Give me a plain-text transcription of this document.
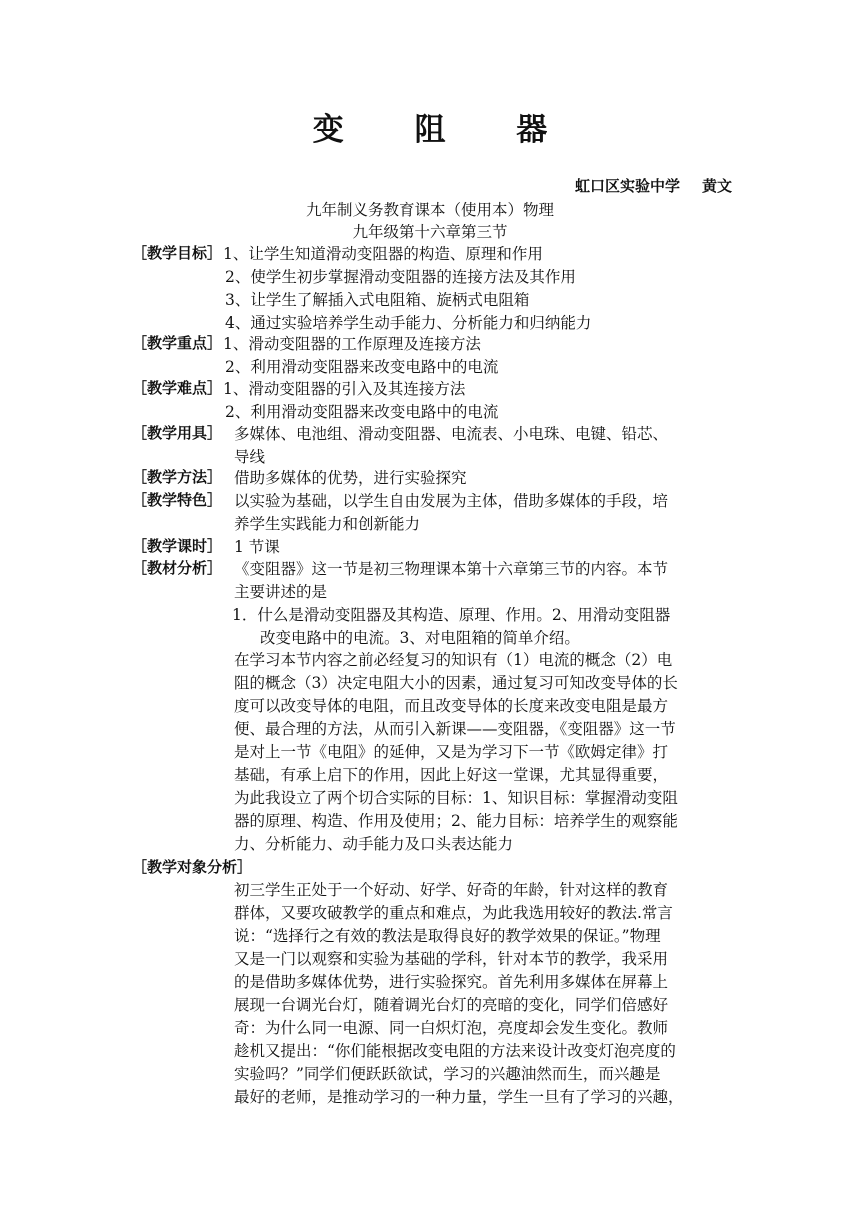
变 阻 器
虹口区实验中学 黄文
九年制义务教育课本（使用本）物理
九年级第十六章第三节
［教学目标］ 1、让学生知道滑动变阻器的构造、原理和作用
2、使学生初步掌握滑动变阻器的连接方法及其作用
3、让学生了解插入式电阻箱、旋柄式电阻箱
4、通过实验培养学生动手能力、分析能力和归纳能力
［教学重点］ 1、滑动变阻器的工作原理及连接方法
2、利用滑动变阻器来改变电路中的电流
［教学难点］ 1、滑动变阻器的引入及其连接方法
2、利用滑动变阻器来改变电路中的电流
［教学用具］ 多媒体、电池组、滑动变阻器、电流表、小电珠、电键、铅芯、
导线
［教学方法］ 借助多媒体的优势，进行实验探究
［教学特色］ 以实验为基础，以学生自由发展为主体，借助多媒体的手段，培
养学生实践能力和创新能力
［教学课时］ 1 节课
［教材分析］ 《变阻器》这一节是初三物理课本第十六章第三节的内容。本节
主要讲述的是
1．什么是滑动变阻器及其构造、原理、作用。2、用滑动变阻器
改变电路中的电流。3、对电阻箱的简单介绍。
在学习本节内容之前必经复习的知识有（1）电流的概念（2）电
阻的概念（3）决定电阻大小的因素，通过复习可知改变导体的长
度可以改变导体的电阻，而且改变导体的长度来改变电阻是最方
便、最合理的方法，从而引入新课——变阻器，《变阻器》这一节
是对上一节《电阻》的延伸，又是为学习下一节《欧姆定律》打
基础，有承上启下的作用，因此上好这一堂课，尤其显得重要，
为此我设立了两个切合实际的目标：1、知识目标：掌握滑动变阻
器的原理、构造、作用及使用；2、能力目标：培养学生的观察能
力、分析能力、动手能力及口头表达能力
［教学对象分析］
初三学生正处于一个好动、好学、好奇的年龄，针对这样的教育
群体，又要攻破教学的重点和难点，为此我选用较好的教法.常言
说：“选择行之有效的教法是取得良好的教学效果的保证。”物理
又是一门以观察和实验为基础的学科，针对本节的教学，我采用
的是借助多媒体优势，进行实验探究。首先利用多媒体在屏幕上
展现一台调光台灯，随着调光台灯的亮暗的变化，同学们倍感好
奇：为什么同一电源、同一白炽灯泡，亮度却会发生变化。教师
趁机又提出：“你们能根据改变电阻的方法来设计改变灯泡亮度的
实验吗？”同学们便跃跃欲试，学习的兴趣油然而生，而兴趣是
最好的老师，是推动学习的一种力量，学生一旦有了学习的兴趣，
